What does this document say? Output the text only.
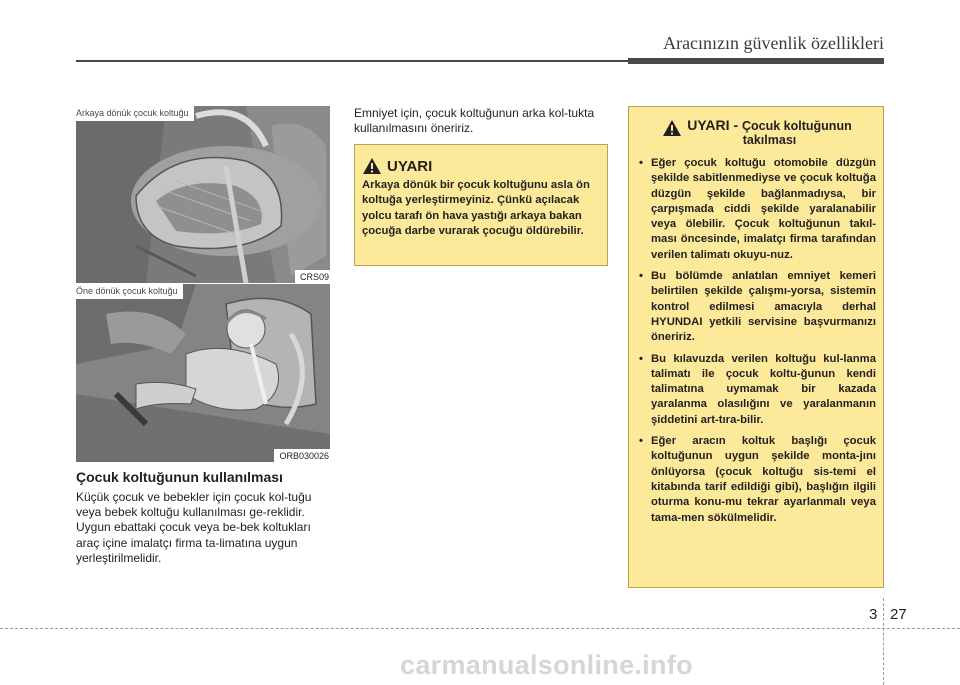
Aracınızın güvenlik özellikleri
Arkaya dönük çocuk koltuğu
CRS09
Öne dönük çocuk koltuğu
ORB030026
Çocuk koltuğunun kullanılması
Küçük çocuk ve bebekler için çocuk kol-tuğu veya bebek koltuğu kullanılması ge-reklidir. Uygun ebattaki çocuk veya be-bek koltukları araç içine imalatçı firma ta-limatına uygun yerleştirilmelidir.
Emniyet için, çocuk koltuğunun arka kol-tukta kullanılmasını öneririz.
UYARI
Arkaya dönük bir çocuk koltuğunu asla ön koltuğa yerleştirmeyiniz. Çünkü açılacak yolcu tarafı ön hava yastığı arkaya bakan çocuğa darbe vurarak çocuğu öldürebilir.
UYARI - Çocuk koltuğunun
takılması
• Eğer çocuk koltuğu otomobile düzgün şekilde sabitlenmediyse ve çocuk koltuğa düzgün şekilde bağlanmadıysa, bir çarpışmada ciddi şekilde yaralanabilir veya ölebilir. Çocuk koltuğunun takıl-ması öncesinde, imalatçı firma tarafından verilen talimatı okuyu-nuz.
• Bu bölümde anlatılan emniyet kemeri belirtilen şekilde çalışmı-yorsa, sistemin kontrol edilmesi amacıyla derhal HYUNDAI yetkili servisine başvurmanızı öneririz.
• Bu kılavuzda verilen koltuğu kul-lanma talimatı ile çocuk koltu-ğunun kendi talimatına uymamak bir kazada yaralanma olasılığını ve yaralanmanın şiddetini art-tıra-bilir.
• Eğer aracın koltuk başlığı çocuk koltuğunun uygun şekilde monta-jını önlüyorsa (çocuk koltuğu sis-temi el kitabında tarif edildiği gibi), başlığın ilgili oturma konu-mu tekrar ayarlanmalı veya tama-men sökülmelidir.
3 27
carmanualsonline.info
